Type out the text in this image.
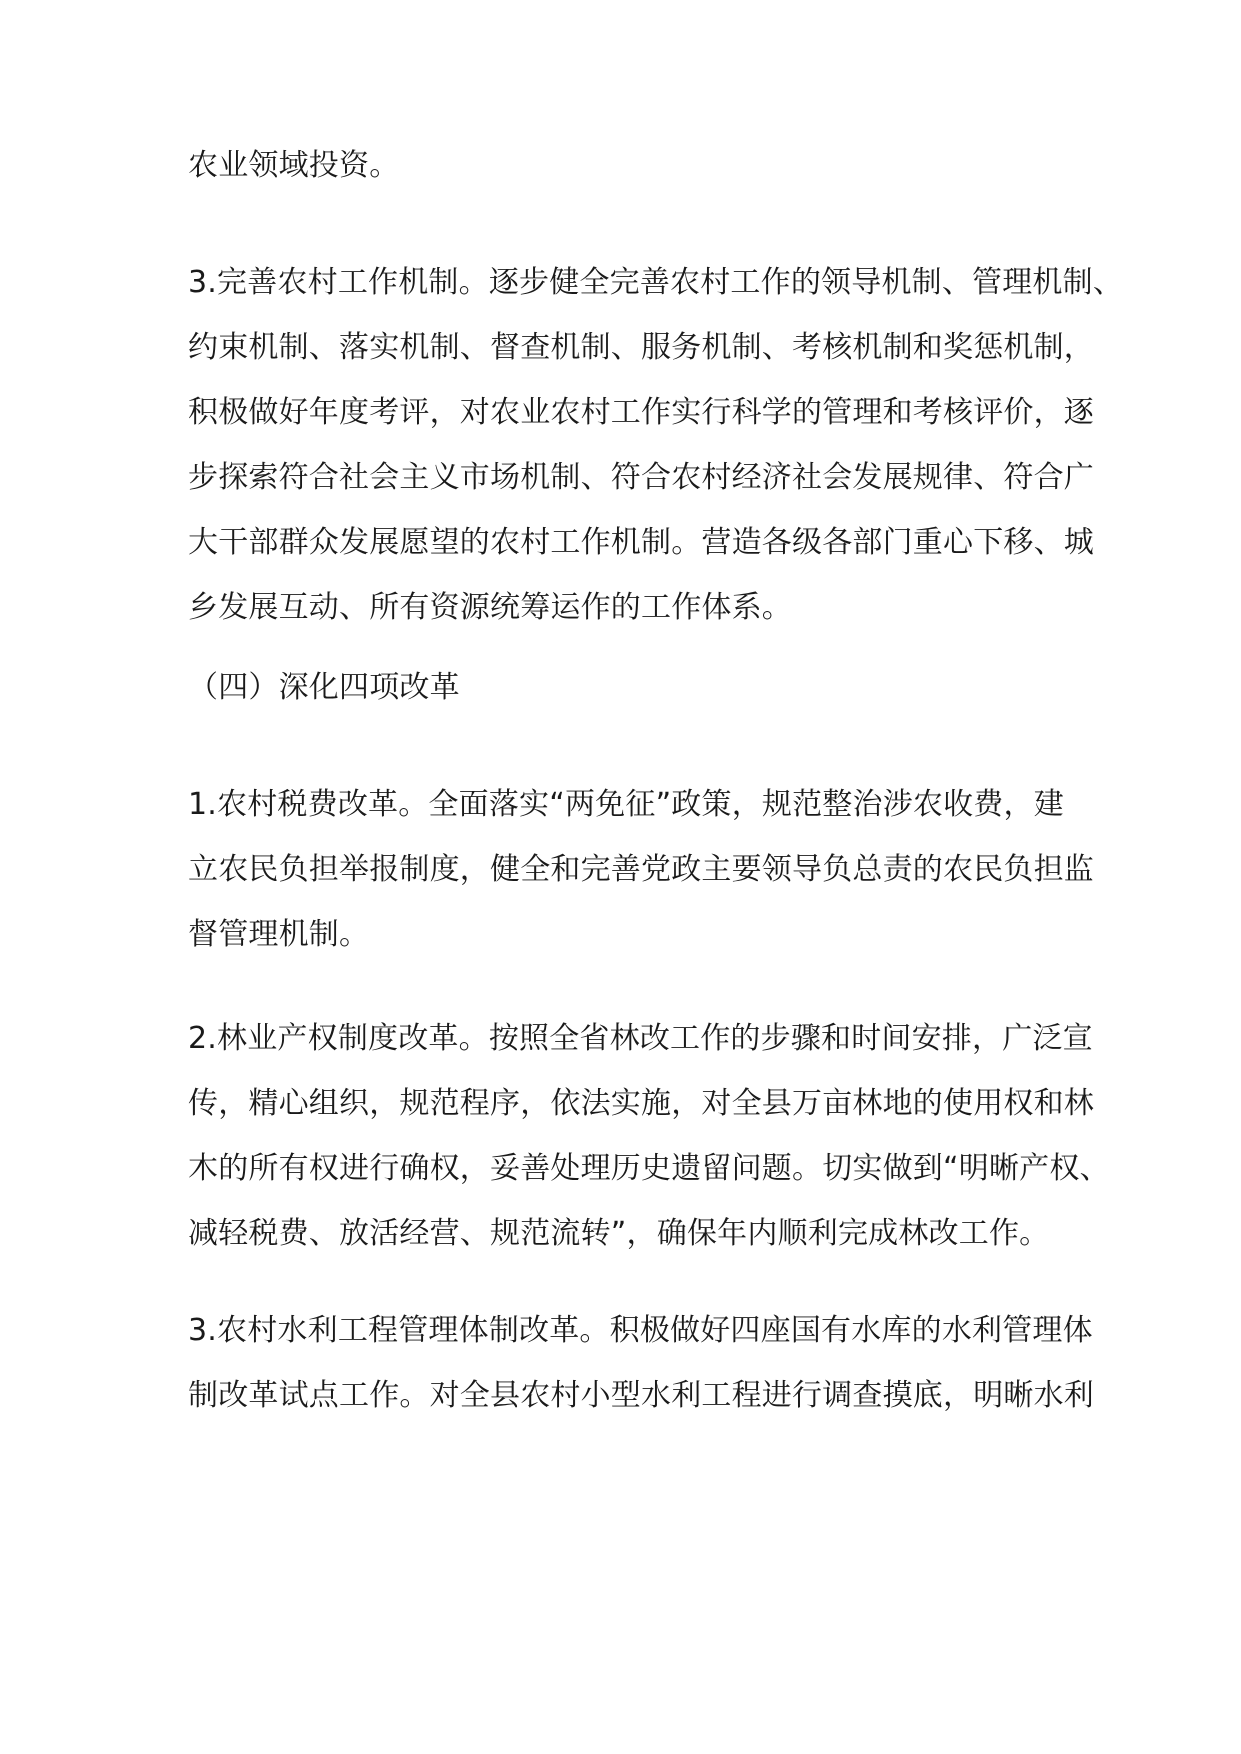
农业领域投资。
3.完善农村工作机制。逐步健全完善农村工作的领导机制、管理机制、
约束机制、落实机制、督查机制、服务机制、考核机制和奖惩机制，
积极做好年度考评，对农业农村工作实行科学的管理和考核评价，逐
步探索符合社会主义市场机制、符合农村经济社会发展规律、符合广
大干部群众发展愿望的农村工作机制。营造各级各部门重心下移、城
乡发展互动、所有资源统筹运作的工作体系。
（四）深化四项改革
1.农村税费改革。全面落实“两免征”政策，规范整治涉农收费，建
立农民负担举报制度，健全和完善党政主要领导负总责的农民负担监
督管理机制。
2.林业产权制度改革。按照全省林改工作的步骤和时间安排，广泛宣
传，精心组织，规范程序，依法实施，对全县万亩林地的使用权和林
木的所有权进行确权，妥善处理历史遗留问题。切实做到“明晰产权、
减轻税费、放活经营、规范流转”，确保年内顺利完成林改工作。
3.农村水利工程管理体制改革。积极做好四座国有水库的水利管理体
制改革试点工作。对全县农村小型水利工程进行调查摸底，明晰水利
